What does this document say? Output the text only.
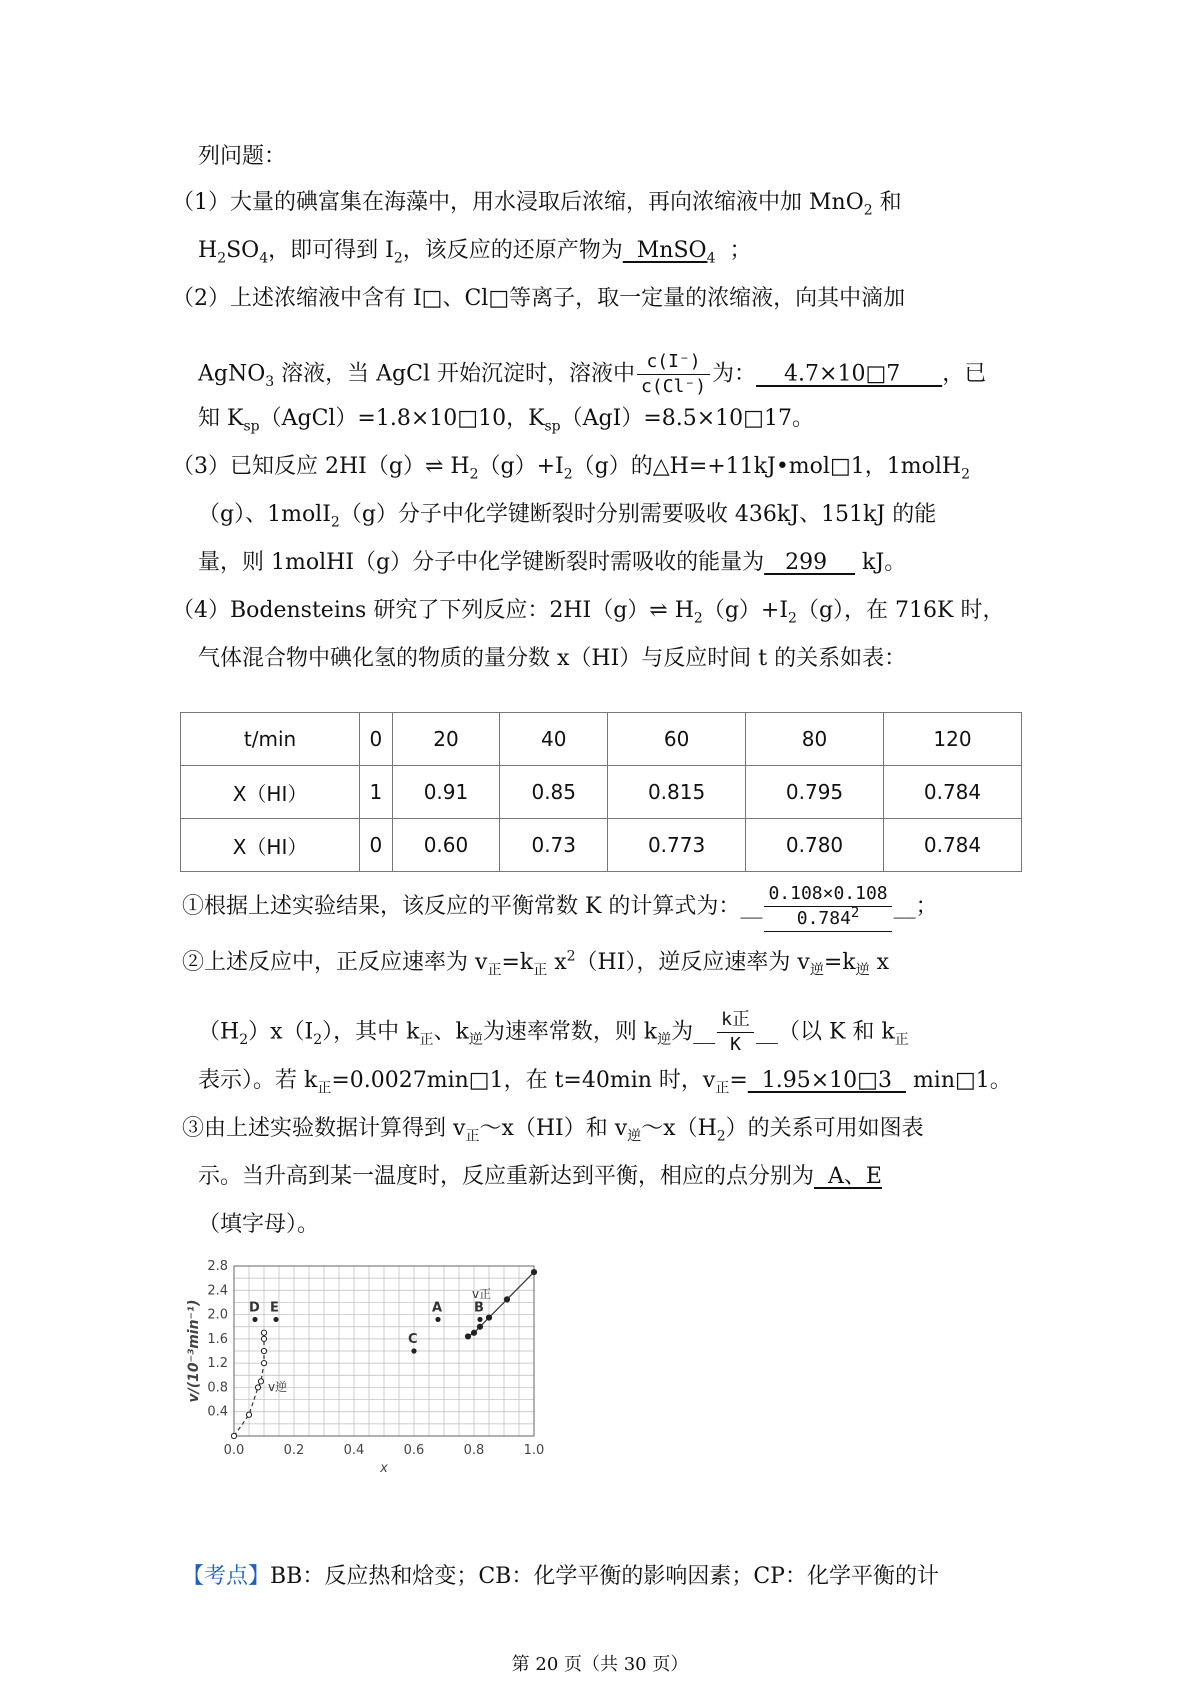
列问题：
（1）大量的碘富集在海藻中，用水浸取后浓缩，再向浓缩液中加 MnO$_2$ 和
$H_2SO_4$，即可得到 $I_2$，该反应的还原产物为  MnSO$_4$  ；
（2）上述浓缩液中含有 I□、Cl□等离子，取一定量的浓缩液，向其中滴加
AgNO$_3$ 溶液，当 AgCl 开始沉淀时，溶液中 $\frac{c(I^-)}{c(Cl^-)}$ 为：    4.7×10□7      ，已
知 $K_{sp}(AgCl)=1.8\times 10□10$，$K_{sp}(AgI)=8.5\times 10□17$。
（3）已知反应 2HI（g）⇌ $H_2(g)+I_2(g)$的△H=+11kJ•mol□1，1molH$_2$
（g）、1molI$_2$（g）分子中化学键断裂时分别需要吸收 436kJ、151kJ 的能
量，则 1molHI（g）分子中化学键断裂时需吸收的能量为   299     kJ。
（4）Bodensteins 研究了下列反应：2HI（g）⇌ $H_2(g)+I_2(g)$，在 716K 时，
气体混合物中碘化氢的物质的量分数 x（HI）与反应时间 t 的关系如表：
t/min	0	20	40	60	80	120
X（HI）	1	0.91	0.85	0.815	0.795	0.784
X（HI）	0	0.60	0.73	0.773	0.780	0.784
①根据上述实验结果，该反应的平衡常数 K 的计算式为：__ $\frac{0.108\times 0.108}{0.784^2}$ __；
②上述反应中，正反应速率为 $v_正=k_正$ $x^2(HI)$，逆反应速率为 $v_逆=k_逆$ x
$(H_2)x(I_2)$，其中 $k_正$、$k_逆$为速率常数，则 $k_逆$为__ $\frac{\text{k正}}{K}$ __（以 K 和 $k_正$
表示）。若 $k_正=0.0027\min□1$，在 t=40min 时，$v_正=$  1.95×10□3   min□1。
③由上述实验数据计算得到 $v_正\sim x(HI)$和 $v_逆\sim x(H_2)$的关系可用如图表
示。当升高到某一温度时，反应重新达到平衡，相应的点分别为  A、E
（填字母）。
0.0	0.2	0.4	0.6	0.8	1.0
0.4
0.8
1.2
1.6
2.0
2.4
2.8
x
v/(10⁻³min⁻¹)	v逆
v正
D E	A B
C
【考点】BB：反应热和焓变；CB：化学平衡的影响因素；CP：化学平衡的计
第 20 页（共 30 页）
